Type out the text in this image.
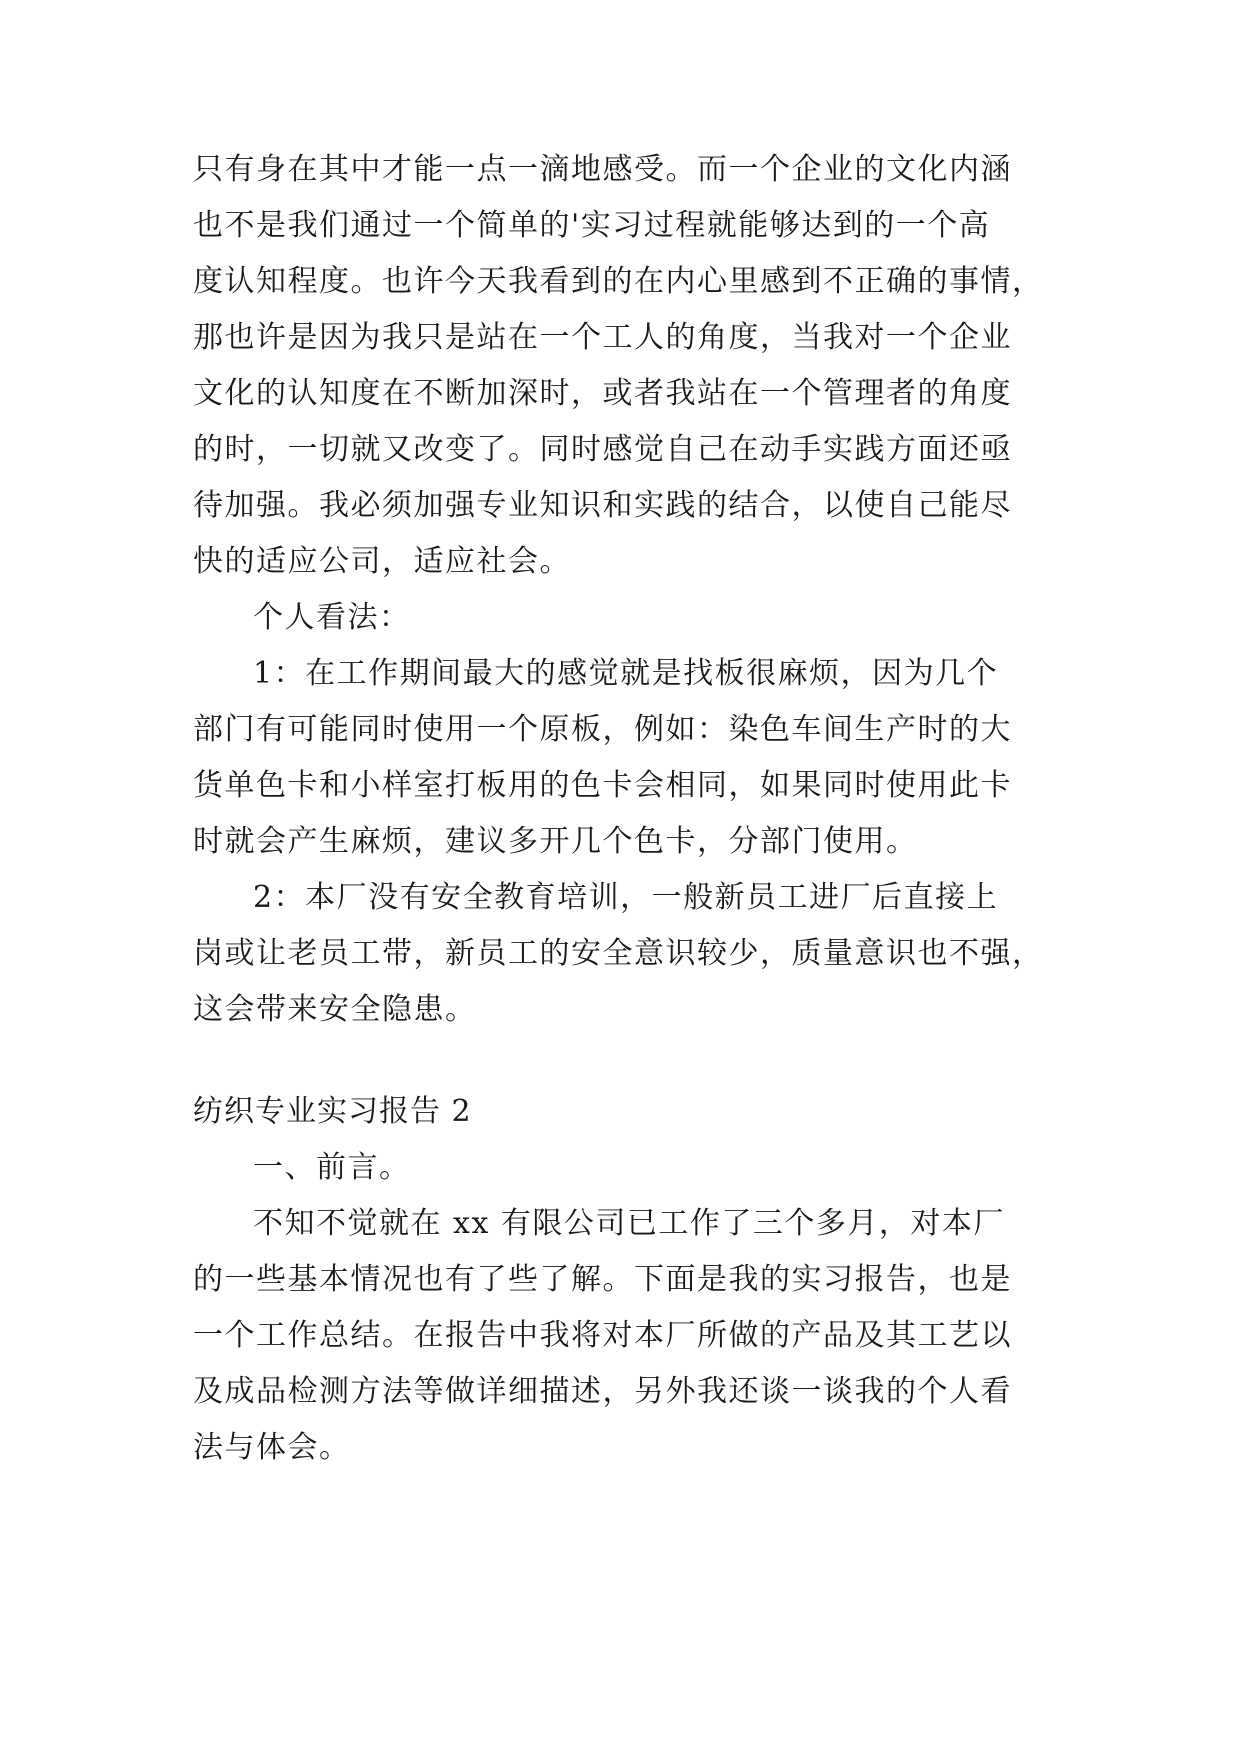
只有身在其中才能一点一滴地感受。而一个企业的文化内涵
也不是我们通过一个简单的'实习过程就能够达到的一个高
度认知程度。也许今天我看到的在内心里感到不正确的事情，
那也许是因为我只是站在一个工人的角度，当我对一个企业
文化的认知度在不断加深时，或者我站在一个管理者的角度
的时，一切就又改变了。同时感觉自己在动手实践方面还亟
待加强。我必须加强专业知识和实践的结合，以使自己能尽
快的适应公司，适应社会。
个人看法：
1：在工作期间最大的感觉就是找板很麻烦，因为几个
部门有可能同时使用一个原板，例如：染色车间生产时的大
货单色卡和小样室打板用的色卡会相同，如果同时使用此卡
时就会产生麻烦，建议多开几个色卡，分部门使用。
2：本厂没有安全教育培训，一般新员工进厂后直接上
岗或让老员工带，新员工的安全意识较少，质量意识也不强，
这会带来安全隐患。
纺织专业实习报告 2
一、前言。
不知不觉就在 xx 有限公司已工作了三个多月，对本厂
的一些基本情况也有了些了解。下面是我的实习报告，也是
一个工作总结。在报告中我将对本厂所做的产品及其工艺以
及成品检测方法等做详细描述，另外我还谈一谈我的个人看
法与体会。
